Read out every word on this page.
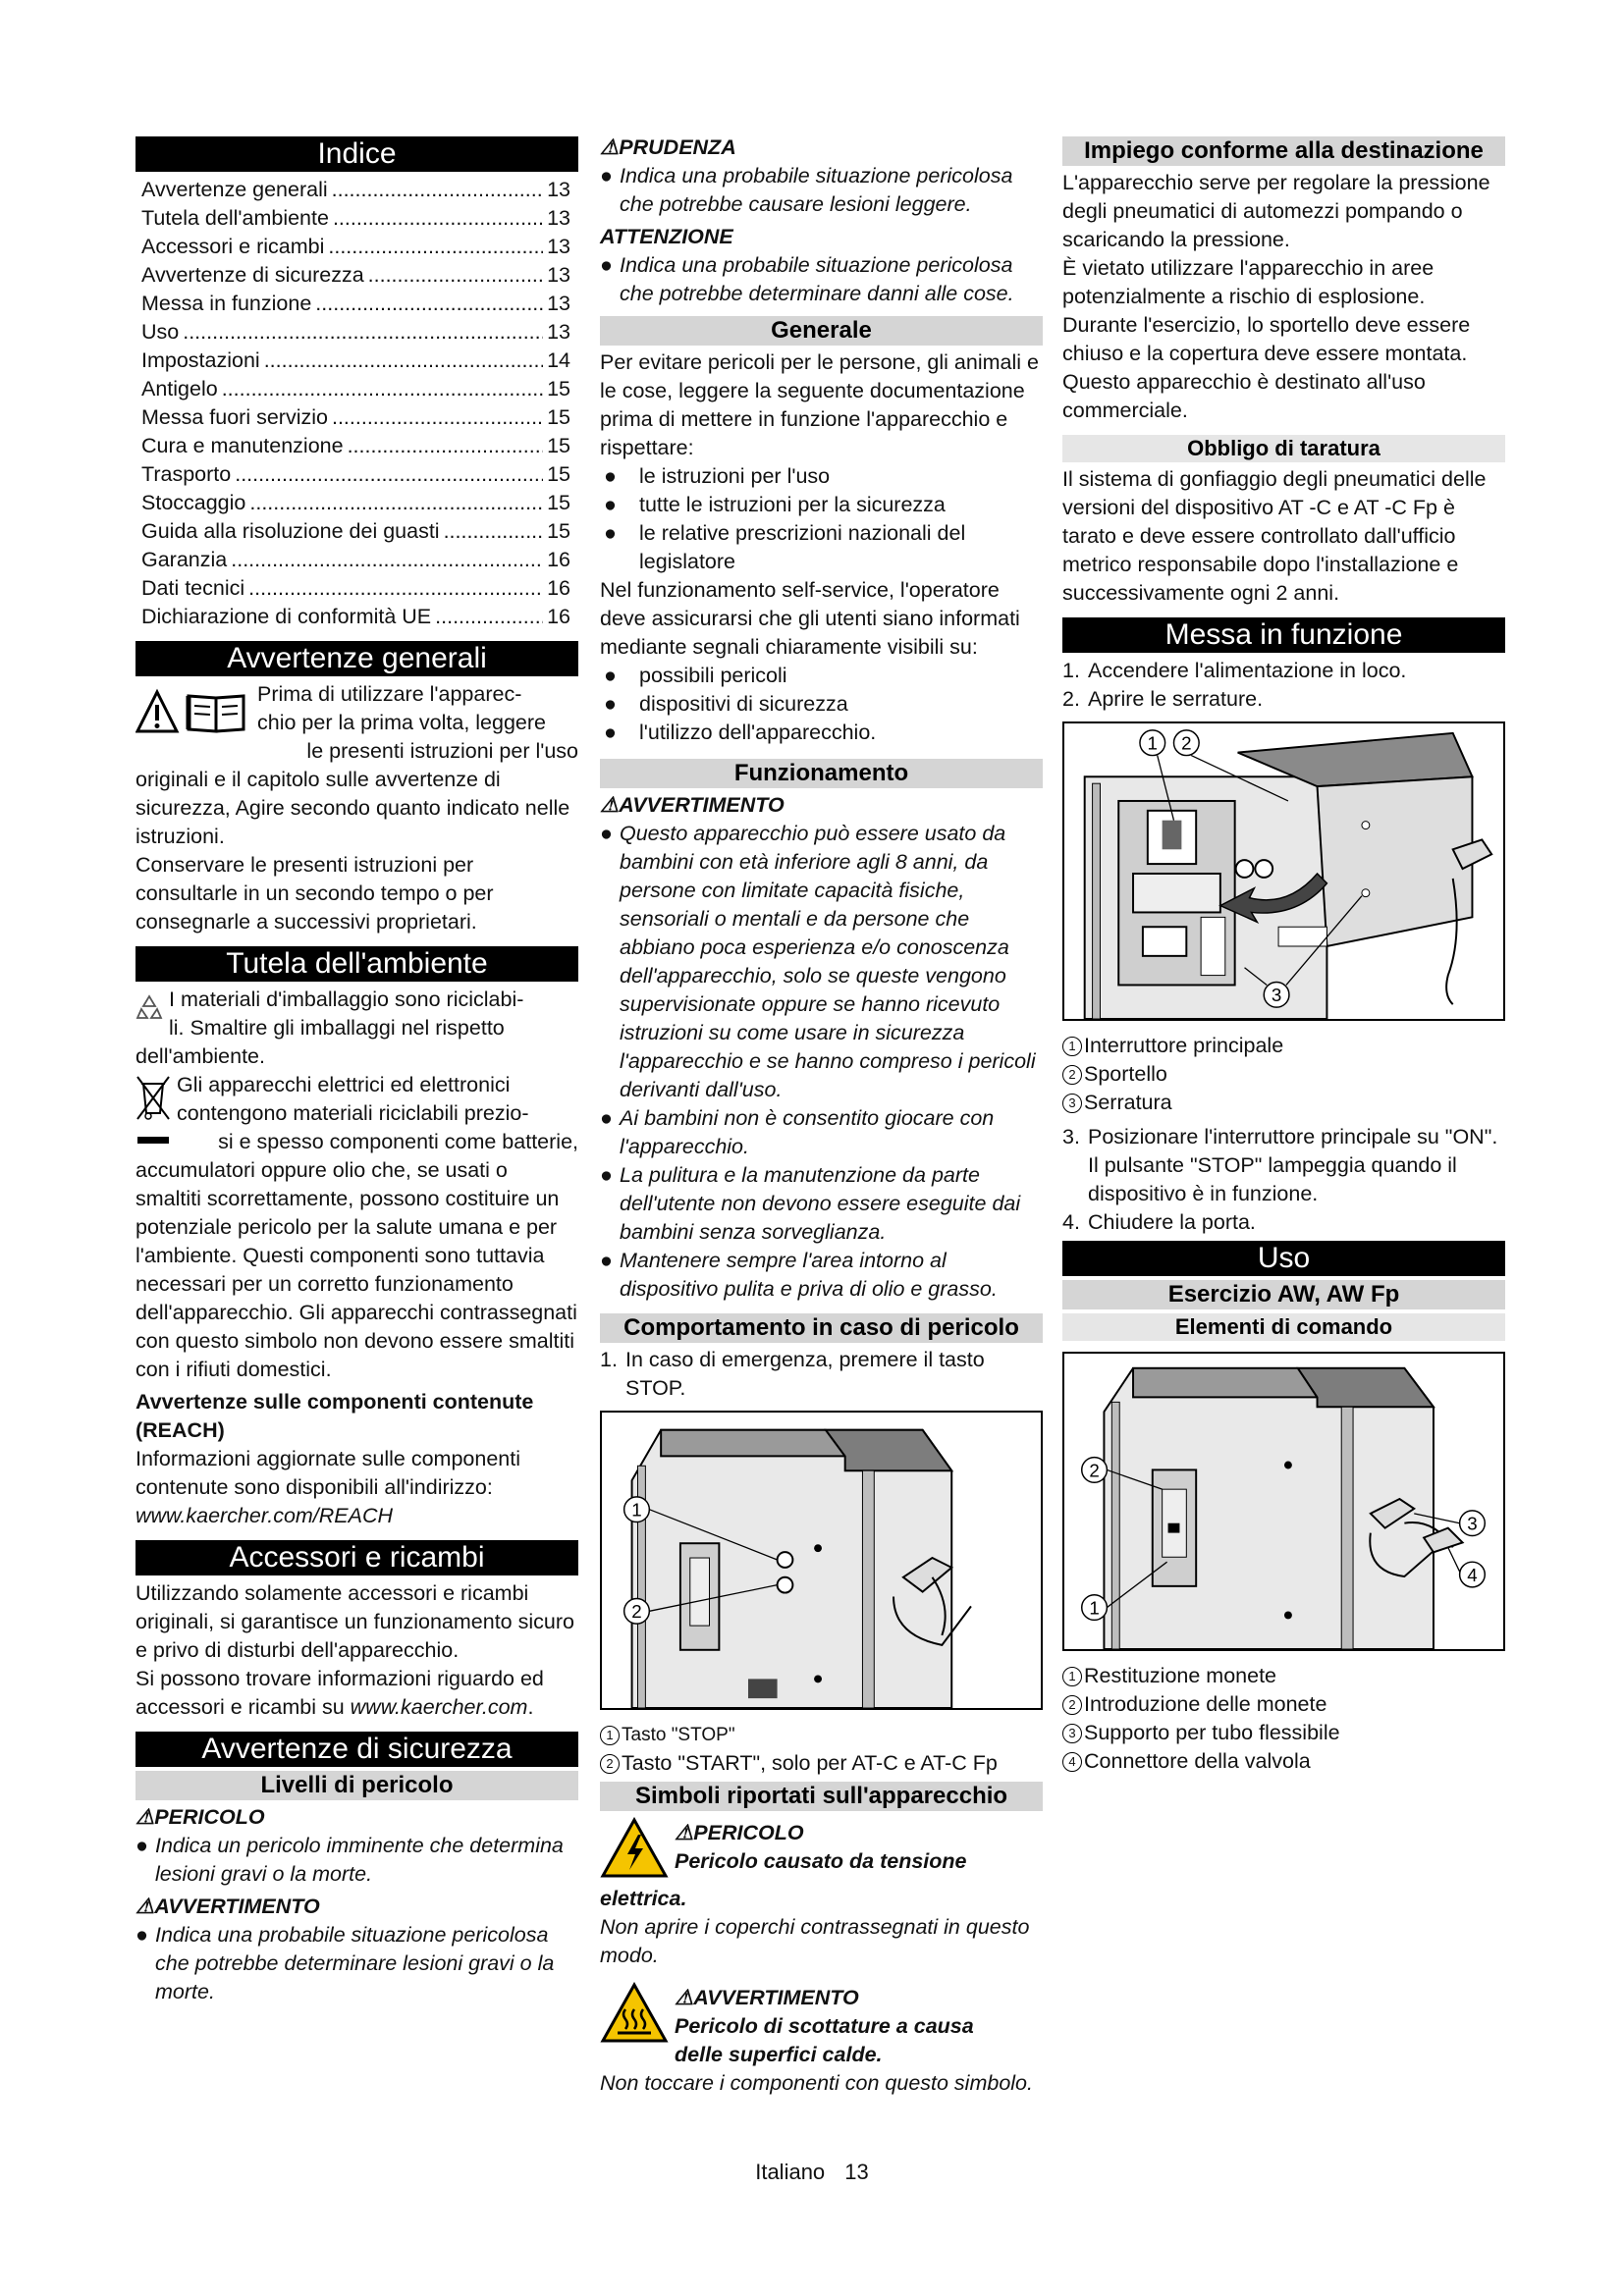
Indice
Avvertenze generali .....	13
Tutela dell'ambiente .....	13
Accessori e ricambi .....	13
Avvertenze di sicurezza .....	13
Messa in funzione .....	13
Uso .....	13
Impostazioni .....	14
Antigelo .....	15
Messa fuori servizio .....	15
Cura e manutenzione .....	15
Trasporto .....	15
Stoccaggio .....	15
Guida alla risoluzione dei guasti .....	15
Garanzia .....	16
Dati tecnici .....	16
Dichiarazione di conformità UE .....	16
Avvertenze generali

Prima di utilizzare l'apparec-

chio per la prima volta, leggere

le presenti istruzioni per l'uso

originali e il capitolo sulle avvertenze di sicurezza, Agire secondo quanto indicato nelle istruzioni.

Conservare le presenti istruzioni per consultarle in un secondo tempo o per consegnarle a successivi proprietari.

Tutela dell'ambiente

I materiali d'imballaggio sono riciclabi-

li. Smaltire gli imballaggi nel rispetto

dell'ambiente.

Gli apparecchi elettrici ed elettronici

contengono materiali riciclabili prezio-

si e spesso componenti come batterie,

accumulatori oppure olio che, se usati o smaltiti scorrettamente, possono costituire un potenziale pericolo per la salute umana e per l'ambiente. Questi componenti sono tuttavia necessari per un corretto funzionamento dell'apparecchio. Gli apparecchi contrassegnati con questo simbolo non devono essere smaltiti con i rifiuti domestici.

Avvertenze sulle componenti contenute (REACH)

Informazioni aggiornate sulle componenti contenute sono disponibili all'indirizzo:

www.kaercher.com/REACH

Accessori e ricambi

Utilizzando solamente accessori e ricambi originali, si garantisce un funzionamento sicuro e privo di disturbi dell'apparecchio.

Si possono trovare informazioni riguardo ed accessori e ricambi su www.kaercher.com.

Avvertenze di sicurezza
Livelli di pericolo
⚠PERICOLO
● Indica un pericolo imminente che determina lesioni gravi o la morte.
⚠AVVERTIMENTO
● Indica una probabile situazione pericolosa che potrebbe determinare lesioni gravi o la morte.
⚠PRUDENZA
● Indica una probabile situazione pericolosa che potrebbe causare lesioni leggere.
ATTENZIONE
● Indica una probabile situazione pericolosa che potrebbe determinare danni alle cose.
Generale

Per evitare pericoli per le persone, gli animali e le cose, leggere la seguente documentazione prima di mettere in funzione l'apparecchio e rispettare:

●	le istruzioni per l'uso
●	tutte le istruzioni per la sicurezza
●	le relative prescrizioni nazionali del legislatore

Nel funzionamento self-service, l'operatore deve assicurarsi che gli utenti siano informati mediante segnali chiaramente visibili su:

●	possibili pericoli
●	dispositivi di sicurezza
●	l'utilizzo dell'apparecchio.
Funzionamento
⚠AVVERTIMENTO
● Questo apparecchio può essere usato da bambini con età inferiore agli 8 anni, da persone con limitate capacità fisiche, sensoriali o mentali e da persone che abbiano poca esperienza e/o conoscenza dell'apparecchio, solo se queste vengono supervisionate oppure se hanno ricevuto istruzioni su come usare in sicurezza l'apparecchio e se hanno compreso i pericoli derivanti dall'uso.
● Ai bambini non è consentito giocare con l'apparecchio.
● La pulitura e la manutenzione da parte dell'utente non devono essere eseguite dai bambini senza sorveglianza.
● Mantenere sempre l'area intorno al dispositivo pulita e priva di olio e grasso.
Comportamento in caso di pericolo
1. In caso di emergenza, premere il tasto STOP.
1
2
1 Tasto "STOP"
2 Tasto "START", solo per AT-C e AT-C Fp
Simboli riportati sull'apparecchio
⚠PERICOLO
Pericolo causato da tensione
elettrica.

Non aprire i coperchi contrassegnati in questo modo.

⚠AVVERTIMENTO
Pericolo di scottature a causa
delle superfici calde.

Non toccare i componenti con questo simbolo.

Impiego conforme alla destinazione

L'apparecchio serve per regolare la pressione degli pneumatici di automezzi pompando o scaricando la pressione.

È vietato utilizzare l'apparecchio in aree potenzialmente a rischio di esplosione.

Durante l'esercizio, lo sportello deve essere chiuso e la copertura deve essere montata.

Questo apparecchio è destinato all'uso commerciale.

Obbligo di taratura

Il sistema di gonfiaggio degli pneumatici delle versioni del dispositivo AT -C e AT -C Fp è tarato e deve essere controllato dall'ufficio metrico responsabile dopo l'installazione e successivamente ogni 2 anni.

Messa in funzione
1. Accendere l'alimentazione in loco.
2. Aprire le serrature.
1 2
3
1 Interruttore principale
2 Sportello
3 Serratura
3. Posizionare l'interruttore principale su "ON".
Il pulsante "STOP" lampeggia quando il dispositivo è in funzione.
4. Chiudere la porta.
Uso
Esercizio AW, AW Fp
Elementi di comando
2
1
3
4
1 Restituzione monete
2 Introduzione delle monete
3 Supporto per tubo flessibile
4 Connettore della valvola
Italiano 13
